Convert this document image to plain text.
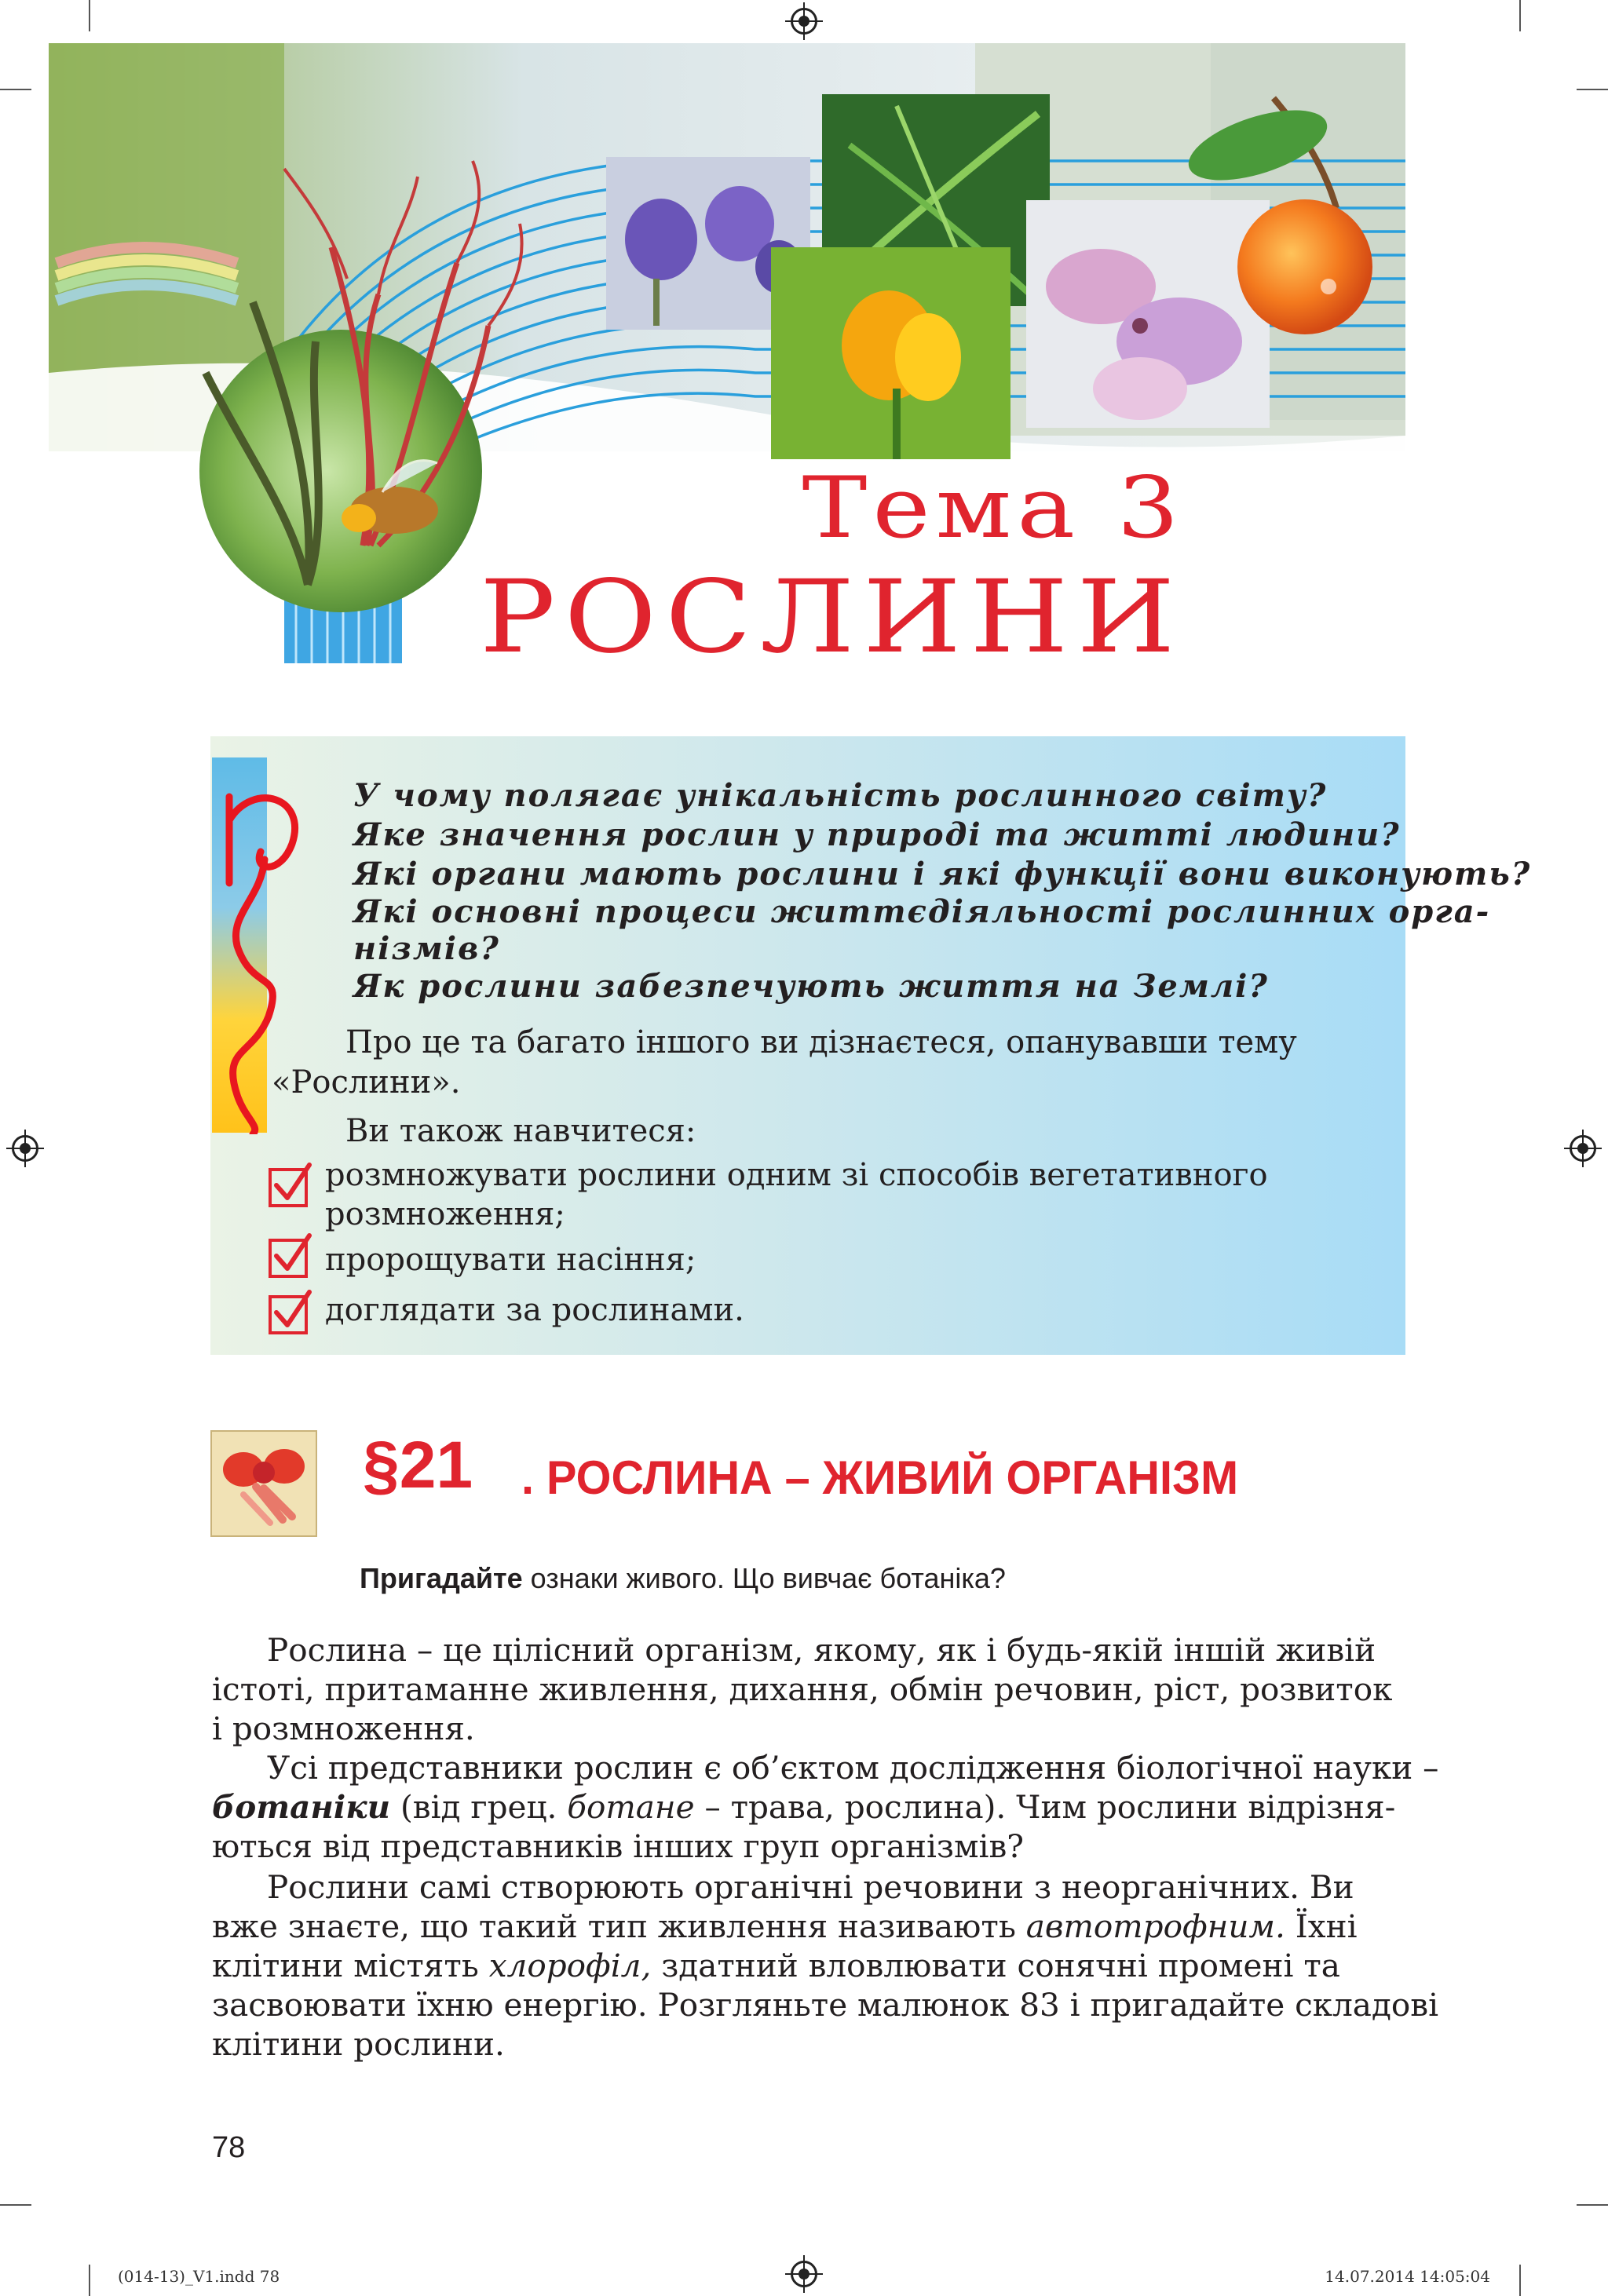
Тема 3
РОСЛИНИ
У чому полягає унікальність рослинного світу?
Яке значення рослин у природі та житті людини?
Які органи мають рослини і які функції вони виконують?
Які основні процеси життєдіяльності рослинних орга-
нізмів?
Як рослини забезпечують життя на Землі?
Про це та багато іншого ви дізнаєтеся, опанувавши тему
«Рослини».
Ви також навчитеся:
розмножувати рослини одним зі способів вегетативного
розмноження;
пророщувати насіння;
доглядати за рослинами.
§21 . РОСЛИНА – ЖИВИЙ ОРГАНІЗМ
Пригадайте ознаки живого. Що вивчає ботаніка?
Рослина – це цілісний організм, якому, як і будь-якій іншій живій
істоті, притаманне живлення, дихання, обмін речовин, ріст, розвиток
і розмноження.
Усі представники рослин є об’єктом дослідження біологічної науки –
ботаніки (від грец. ботане – трава, рослина). Чим рослини відрізня-
ються від представників інших груп організмів?
Рослини самі створюють органічні речовини з неорганічних. Ви
вже знаєте, що такий тип живлення називають автотрофним. Їхні
клітини містять хлорофіл, здатний вловлювати сонячні промені та
засвоювати їхню енергію. Розгляньте малюнок 83 і пригадайте складові
клітини рослини.
78
(014-13)_V1.indd 78	14.07.2014 14:05:04
